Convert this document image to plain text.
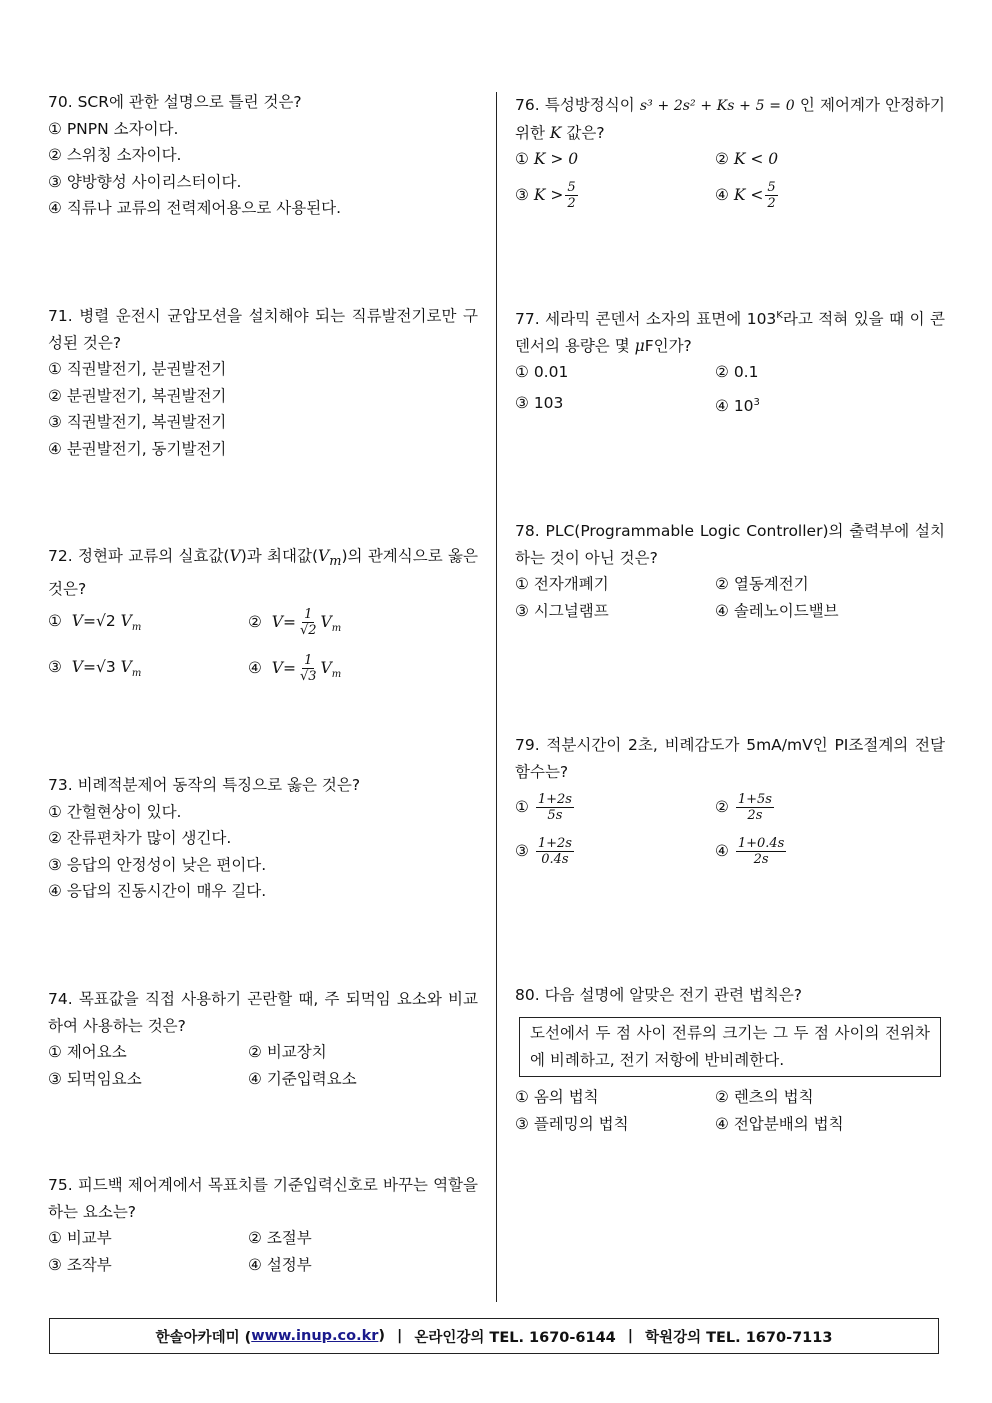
70. SCR에 관한 설명으로 틀린 것은?
① PNPN 소자이다.
② 스위칭 소자이다.
③ 양방향성 사이리스터이다.
④ 직류나 교류의 전력제어용으로 사용된다.
71. 병렬 운전시 균압모션을 설치해야 되는 직류발전기로만 구성된 것은?
① 직권발전기, 분권발전기
② 분권발전기, 복권발전기
③ 직권발전기, 복권발전기
④ 분권발전기, 동기발전기
72. 정현파 교류의 실효값(V)과 최대값$(V_m)$의 관계식으로 옳은 것은?
① V=√2 $V_m$	② $V= \frac{1}{√2} V_m$
③ V=√3 $V_m$	④ $V= \frac{1}{√3} V_m$
73. 비례적분제어 동작의 특징으로 옳은 것은?
① 간헐현상이 있다.
② 잔류편차가 많이 생긴다.
③ 응답의 안정성이 낮은 편이다.
④ 응답의 진동시간이 매우 길다.
74. 목표값을 직접 사용하기 곤란할 때, 주 되먹임 요소와 비교하여 사용하는 것은?
① 제어요소	② 비교장치
③ 되먹임요소	④ 기준입력요소
75. 피드백 제어계에서 목표치를 기준입력신호로 바꾸는 역할을 하는 요소는?
① 비교부	② 조절부
③ 조작부	④ 설정부
76. 특성방정식이 s³ + 2s² + Ks + 5 = 0 인 제어계가 안정하기 위한 K 값은?
① K > 0	② K < 0
③ $K > \frac{5}{2}$	④ $K < \frac{5}{2}$
77. 세라믹 콘덴서 소자의 표면에 $103^K$라고 적혀 있을 때 이 콘덴서의 용량은 몇 μF인가?
① 0.01	② 0.1
③ 103	④ $10^3$
78. PLC(Programmable Logic Controller)의 출력부에 설치하는 것이 아닌 것은?
① 전자개폐기	② 열동계전기
③ 시그널램프	④ 솔레노이드밸브
79. 적분시간이 2초, 비례감도가 5mA/mV인 PI조절계의 전달함수는?
① $\frac{1+2s}{5s}$	② $\frac{1+5s}{2s}$
③ $\frac{1+2s}{0.4s}$	④ $\frac{1+0.4s}{2s}$
80. 다음 설명에 알맞은 전기 관련 법칙은?
도선에서 두 점 사이 전류의 크기는 그 두 점 사이의 전위차에 비례하고, 전기 저항에 반비례한다.
① 옴의 법칙	② 렌츠의 법칙
③ 플레밍의 법칙	④ 전압분배의 법칙
한솔아카데미 ( www.inup.co.kr ) | 온라인강의 TEL. 1670-6144 | 학원강의 TEL. 1670-7113
